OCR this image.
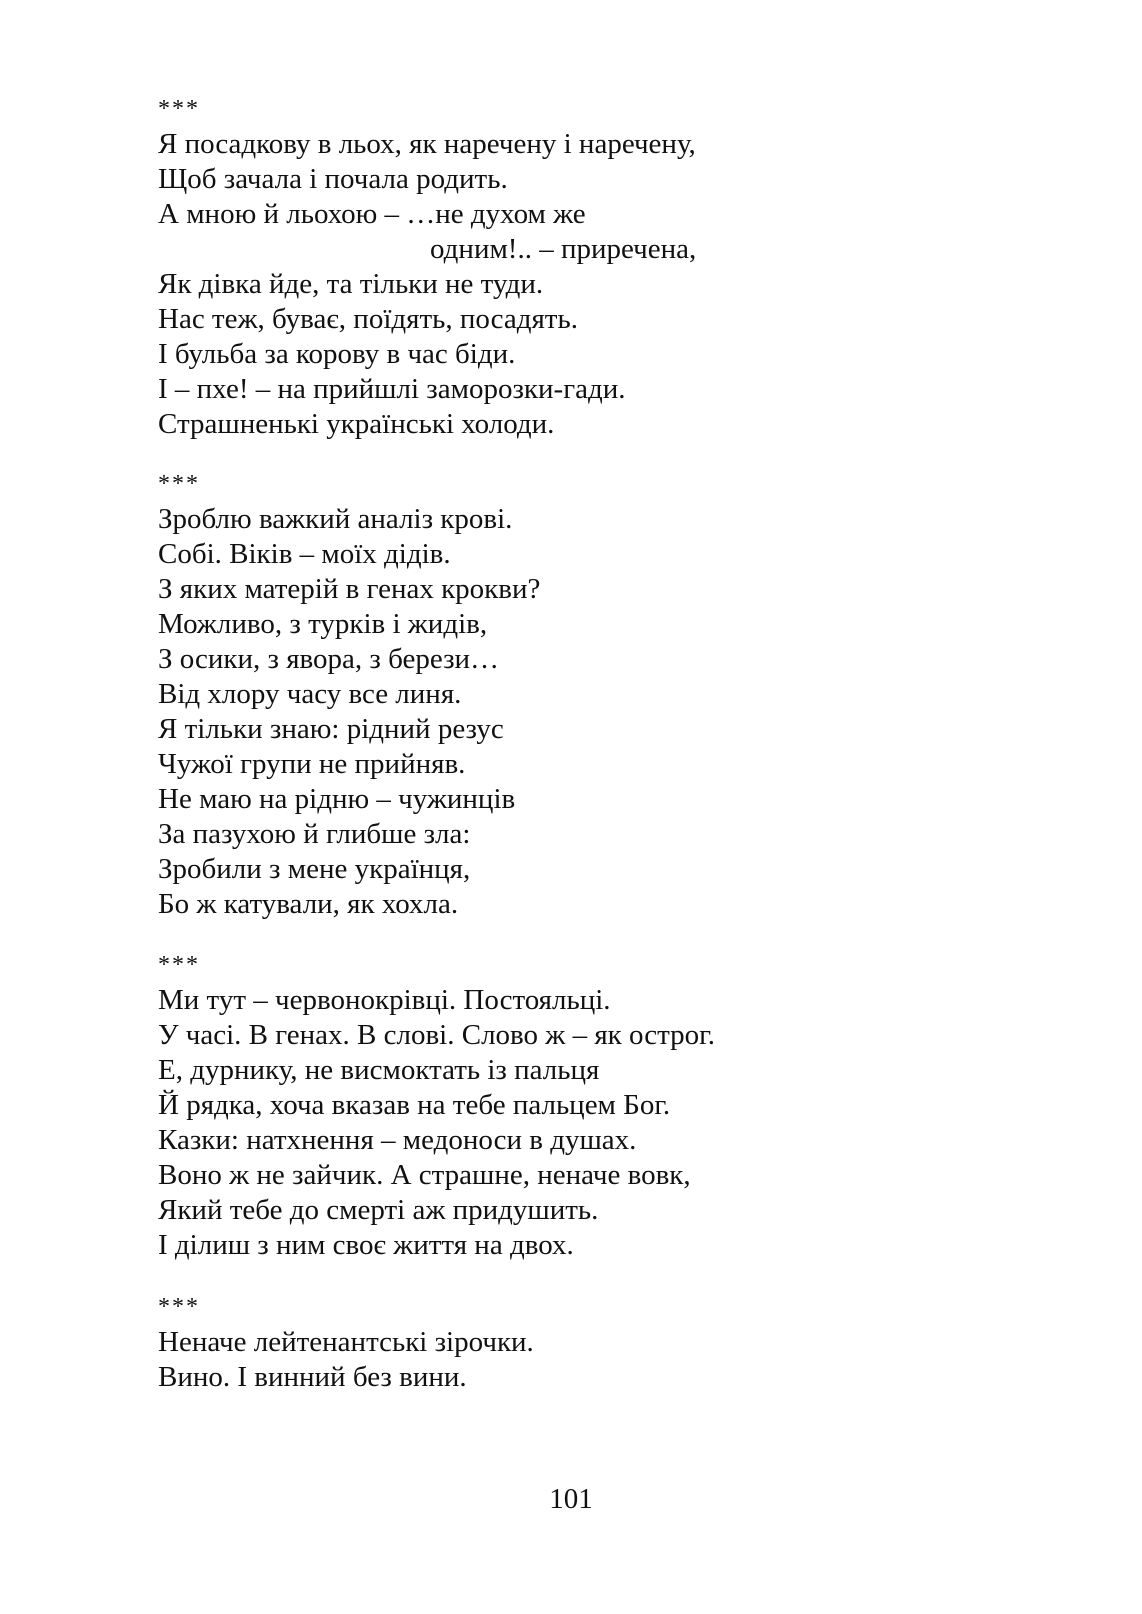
***
Я посадкову в льох, як наречену і наречену,
Щоб зачала і почала родить.
А мною й льохою – …не духом же
одним!.. – приречена,
Як дівка йде, та тільки не туди.
Нас теж, буває, поїдять, посадять.
І бульба за корову в час біди.
І – пхе! – на прийшлі заморозки-гади.
Страшненькі українські холоди.
***
Зроблю важкий аналіз крові.
Собі. Віків – моїх дідів.
З яких матерій в генах крокви?
Можливо, з турків і жидів,
З осики, з явора, з берези…
Від хлору часу все линя.
Я тільки знаю: рідний резус
Чужої групи не прийняв.
Не маю на рідню – чужинців
За пазухою й глибше зла:
Зробили з мене українця,
Бо ж катували, як хохла.
***
Ми тут – червонокрівці. Постояльці.
У часі. В генах. В слові. Слово ж – як острог.
Е, дурнику, не висмоктать із пальця
Й рядка, хоча вказав на тебе пальцем Бог.
Казки: натхнення – медоноси в душах.
Воно ж не зайчик. А страшне, неначе вовк,
Який тебе до смерті аж придушить.
І ділиш з ним своє життя на двох.
***
Неначе лейтенантські зірочки.
Вино. І винний без вини.
101
